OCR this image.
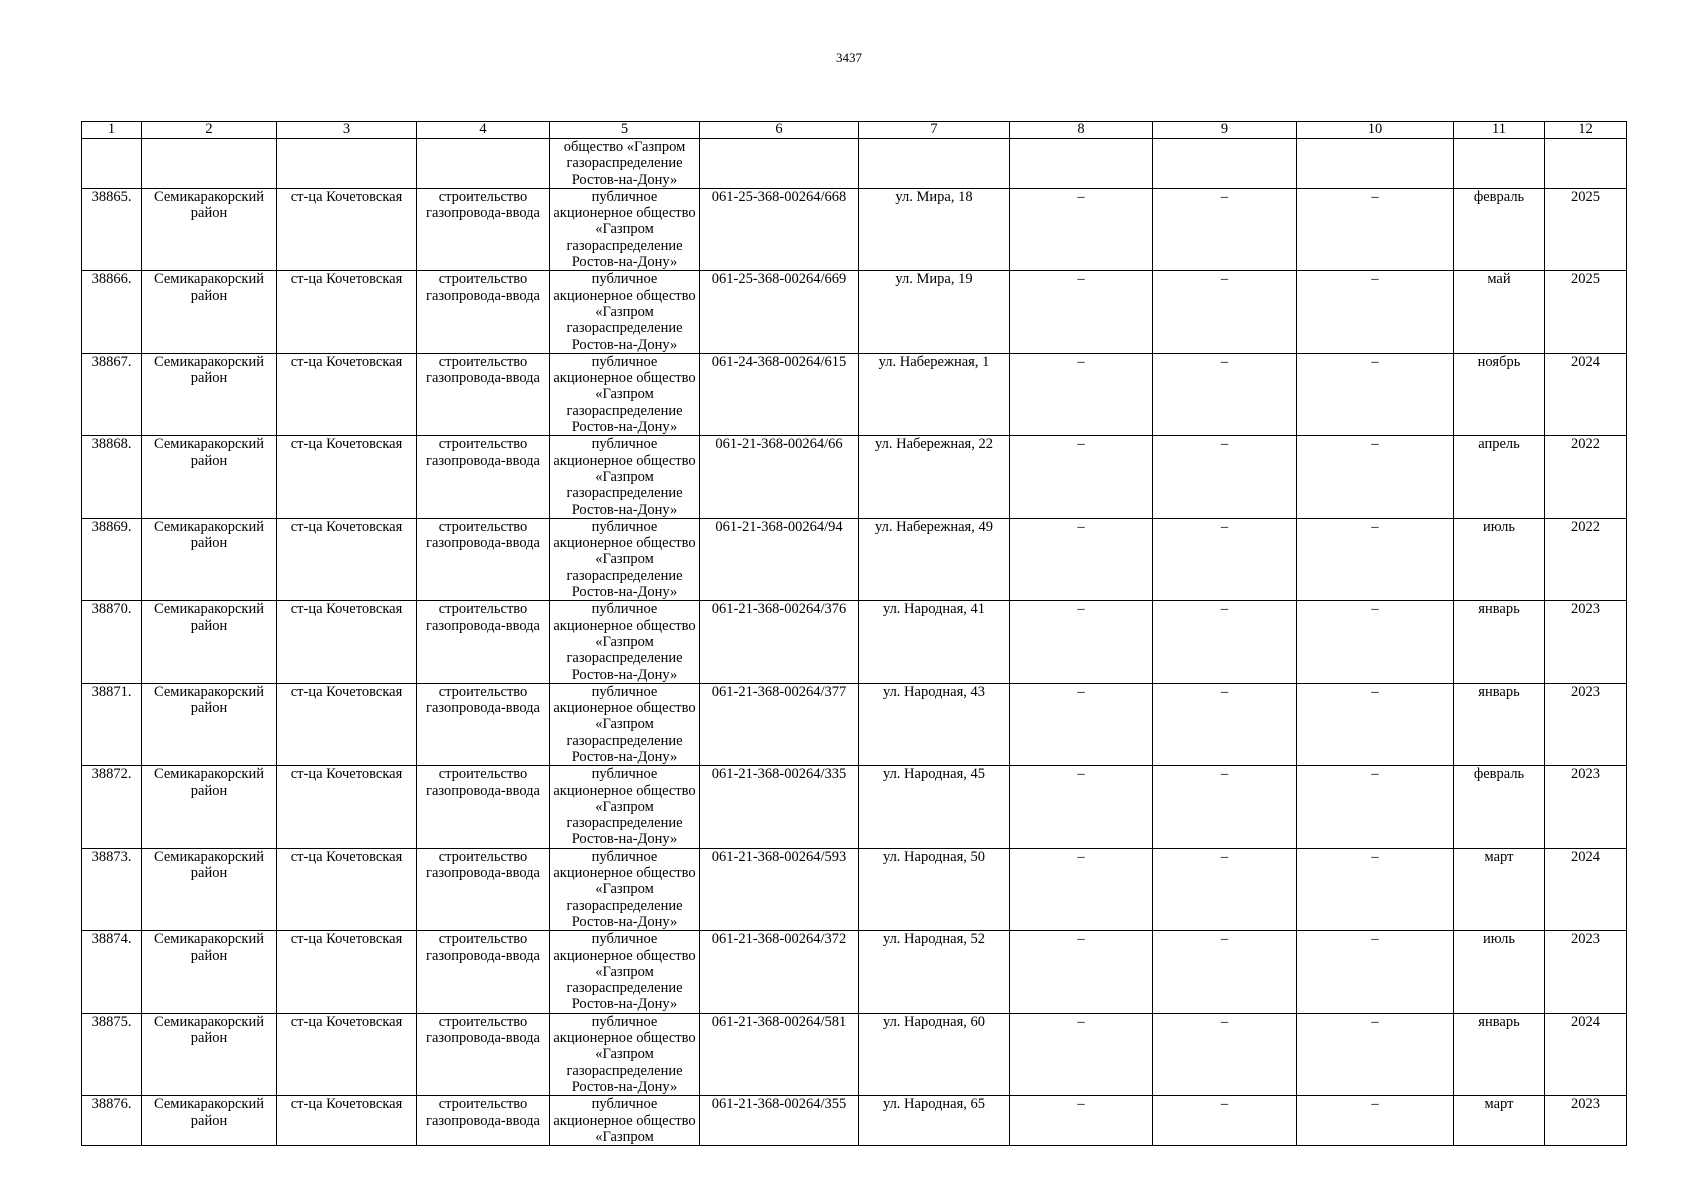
3437
1	2	3	4	5	6	7	8	9	10	11	12
				общество «Газпром газораспределение Ростов-на-Дону»							
38865.	Семикаракорский район	ст-ца Кочетовская	строительство газопровода-ввода	публичное акционерное общество «Газпром газораспределение Ростов-на-Дону»	061-25-368-00264/668	ул. Мира, 18	–	–	–	февраль	2025
38866.	Семикаракорский район	ст-ца Кочетовская	строительство газопровода-ввода	публичное акционерное общество «Газпром газораспределение Ростов-на-Дону»	061-25-368-00264/669	ул. Мира, 19	–	–	–	май	2025
38867.	Семикаракорский район	ст-ца Кочетовская	строительство газопровода-ввода	публичное акционерное общество «Газпром газораспределение Ростов-на-Дону»	061-24-368-00264/615	ул. Набережная, 1	–	–	–	ноябрь	2024
38868.	Семикаракорский район	ст-ца Кочетовская	строительство газопровода-ввода	публичное акционерное общество «Газпром газораспределение Ростов-на-Дону»	061-21-368-00264/66	ул. Набережная, 22	–	–	–	апрель	2022
38869.	Семикаракорский район	ст-ца Кочетовская	строительство газопровода-ввода	публичное акционерное общество «Газпром газораспределение Ростов-на-Дону»	061-21-368-00264/94	ул. Набережная, 49	–	–	–	июль	2022
38870.	Семикаракорский район	ст-ца Кочетовская	строительство газопровода-ввода	публичное акционерное общество «Газпром газораспределение Ростов-на-Дону»	061-21-368-00264/376	ул. Народная, 41	–	–	–	январь	2023
38871.	Семикаракорский район	ст-ца Кочетовская	строительство газопровода-ввода	публичное акционерное общество «Газпром газораспределение Ростов-на-Дону»	061-21-368-00264/377	ул. Народная, 43	–	–	–	январь	2023
38872.	Семикаракорский район	ст-ца Кочетовская	строительство газопровода-ввода	публичное акционерное общество «Газпром газораспределение Ростов-на-Дону»	061-21-368-00264/335	ул. Народная, 45	–	–	–	февраль	2023
38873.	Семикаракорский район	ст-ца Кочетовская	строительство газопровода-ввода	публичное акционерное общество «Газпром газораспределение Ростов-на-Дону»	061-21-368-00264/593	ул. Народная, 50	–	–	–	март	2024
38874.	Семикаракорский район	ст-ца Кочетовская	строительство газопровода-ввода	публичное акционерное общество «Газпром газораспределение Ростов-на-Дону»	061-21-368-00264/372	ул. Народная, 52	–	–	–	июль	2023
38875.	Семикаракорский район	ст-ца Кочетовская	строительство газопровода-ввода	публичное акционерное общество «Газпром газораспределение Ростов-на-Дону»	061-21-368-00264/581	ул. Народная, 60	–	–	–	январь	2024
38876.	Семикаракорский район	ст-ца Кочетовская	строительство газопровода-ввода	публичное акционерное общество «Газпром	061-21-368-00264/355	ул. Народная, 65	–	–	–	март	2023
